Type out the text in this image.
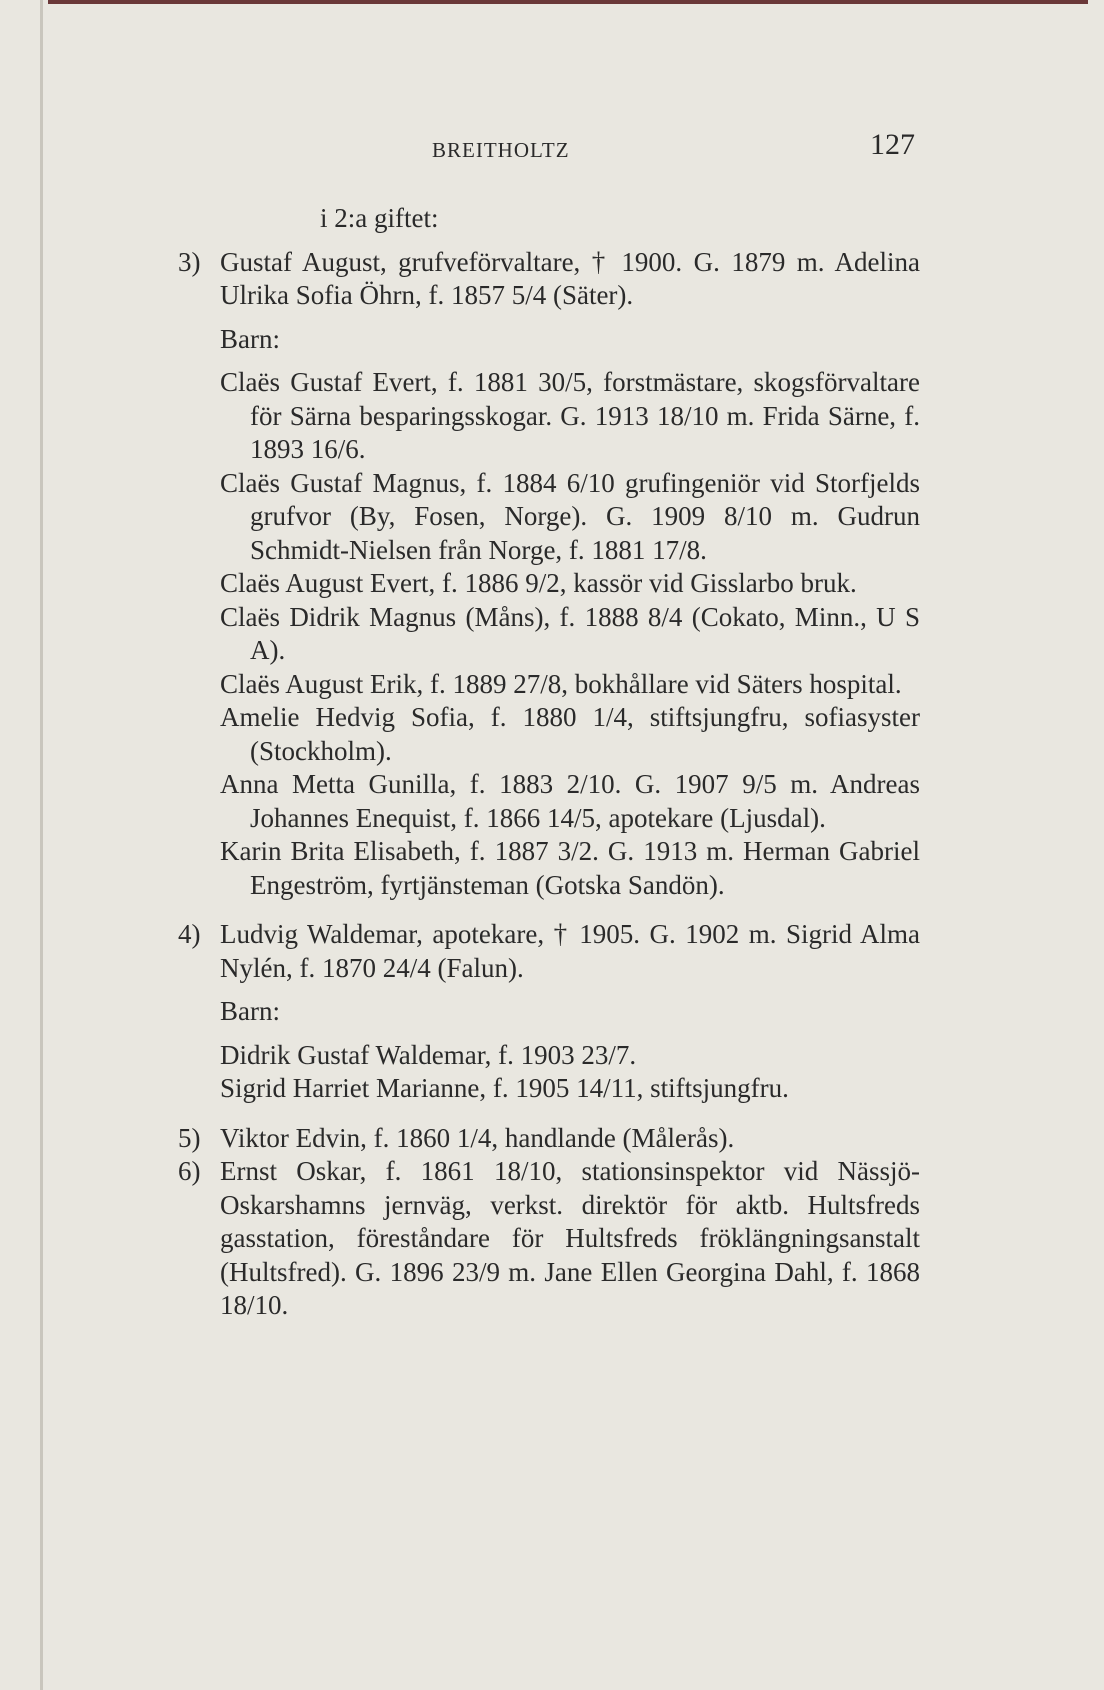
BREITHOLTZ	127

i 2:a giftet:

3) Gustaf August, grufveförvaltare, † 1900. G. 1879 m. Adelina Ulrika Sofia Öhrn, f. 1857 5/4 (Säter).

Barn:

Claës Gustaf Evert, f. 1881 30/5, forstmästare, skogsförvaltare för Särna besparingsskogar. G. 1913 18/10 m. Frida Särne, f. 1893 16/6.

Claës Gustaf Magnus, f. 1884 6/10 grufingeniör vid Storfjelds grufvor (By, Fosen, Norge). G. 1909 8/10 m. Gudrun Schmidt-Nielsen från Norge, f. 1881 17/8.

Claës August Evert, f. 1886 9/2, kassör vid Gisslarbo bruk.

Claës Didrik Magnus (Måns), f. 1888 8/4 (Cokato, Minn., U S A).

Claës August Erik, f. 1889 27/8, bokhållare vid Säters hospital.

Amelie Hedvig Sofia, f. 1880 1/4, stiftsjungfru, sofiasyster (Stockholm).

Anna Metta Gunilla, f. 1883 2/10. G. 1907 9/5 m. Andreas Johannes Enequist, f. 1866 14/5, apotekare (Ljusdal).

Karin Brita Elisabeth, f. 1887 3/2. G. 1913 m. Herman Gabriel Engeström, fyrtjänsteman (Gotska Sandön).

4) Ludvig Waldemar, apotekare, † 1905. G. 1902 m. Sigrid Alma Nylén, f. 1870 24/4 (Falun).

Barn:

Didrik Gustaf Waldemar, f. 1903 23/7.

Sigrid Harriet Marianne, f. 1905 14/11, stiftsjungfru.

5) Viktor Edvin, f. 1860 1/4, handlande (Målerås).

6) Ernst Oskar, f. 1861 18/10, stationsinspektor vid Nässjö-Oskarshamns jernväg, verkst. direktör för aktb. Hultsfreds gasstation, föreståndare för Hultsfreds fröklängningsanstalt (Hultsfred). G. 1896 23/9 m. Jane Ellen Georgina Dahl, f. 1868 18/10.
